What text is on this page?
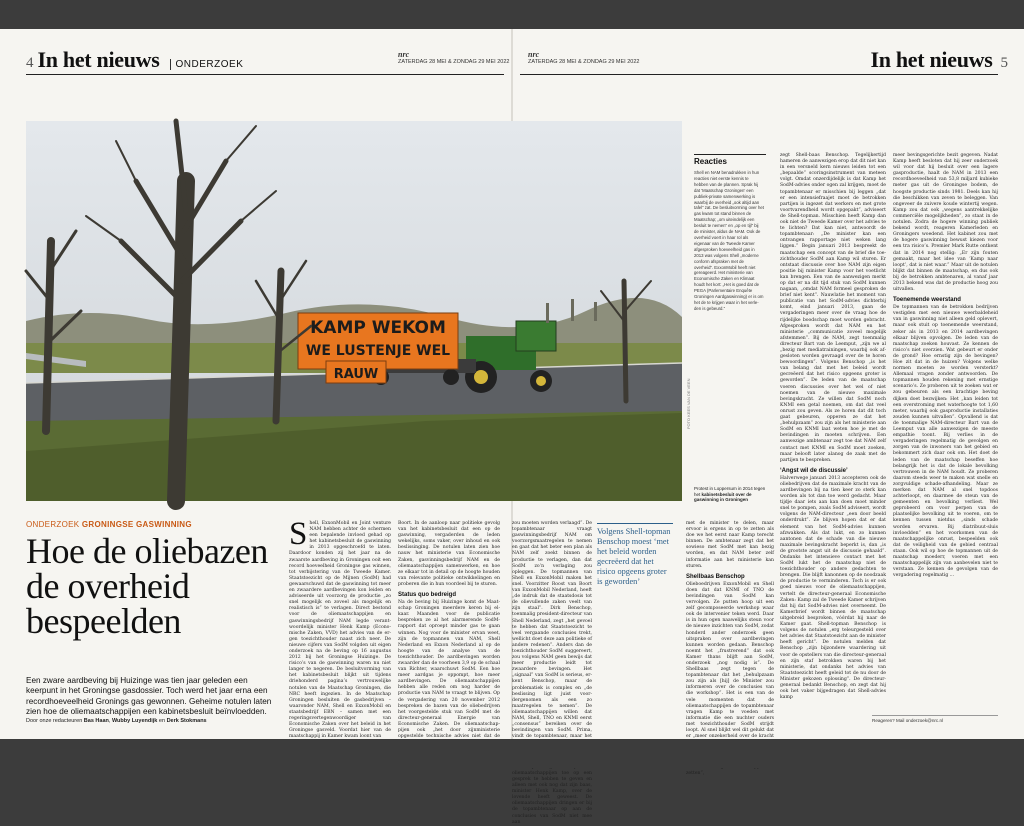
4 In het nieuws ONDERZOEK
nrc
ZATERDAG 28 MEI & ZONDAG 29 MEI 2022
nrc
ZATERDAG 28 MEI & ZONDAG 29 MEI 2022	In het nieuws 5
KAMP WEKOM
WE LUSTENJE WEL
RAUW
FOTO KEES VAN DE VEEN
ONDERZOEK GRONINGSE GASWINNING
Hoe de oliebazen de overheid bespeelden
Een zware aardbeving bij Huizinge was tien jaar geleden een keerpunt in het Groningse gasdossier. Toch werd het jaar erna een recordhoeveelheid Gronings gas gewonnen. Geheime notulen laten zien hoe de oliemaatschappijen een kabinetsbesluit beïnvloedden.
Door onze redacteuren Bas Haan, Wubby Luyendijk en Derk Stokmans
S hell, ExxonMobil en Joint venture NAM hebben achter de schermen een bepalende invloed gehad op het kabinetsbesluit de gaswinning in 2013 opgeschroefd te laten. Daardoor konden zij het jaar na de zwaarste aardbeving in Groningen ooit een record hoeveelheid Groningse gas winnen, tot verbijstering van de Tweede Kamer. Staatstoezicht op de Mijnen (SodM) had gewaarschuwd dat de gaswinning tot meer en zwaardere aardbevingen kon leiden en adviseerde uit voorzorg de productie „zo snel mogelijk en zoveel als mogelijk en realistisch is” te verlagen. Direct bestond voor de oliemaatschappijen en gaswinningsbedrijf NAM legde verantwoordelijk minister Henk Kamp (Economische Zaken, VVD) het advies van de ergen toezichthouder naast zich neer. De nieuwe cijfers van SodM volgden uit eigen onderzoek na de beving op 16 augustus 2012 bij het Groningse Huizinge. De risico’s van de gaswinning waren nu niet langer te negeren. De besluitvorming van het kabinetsbesluit blijkt uit tijdens driehonderd pagina’s vertrouwelijke notulen van de Maatschap Groningen, die NRC heeft ingezien. In de Maatschap Groningen besluiten de gasbedrijven – waaronder NAM, Shell en ExxonMobil en staatsbedrijf EBN – samen met een regeringsvertegenwoordiger van Economische Zaken over het beleid in het Groningse gasveld. Voordat hier van de maatschappij in Kamer kwam loont van

Boort. In de aanloop naar politieke gevolg van het kabinetsbesluit dat een op de gaswinning, vergaderden de leden wekelijks, soms vaker, over inhoud en ook beslissinging. De notulen laten zien hoe nauw het ministerie van Economische Zaken, gasvinningsbedrijf NAM en de oliemaatschappijen samenwerken, en hoe ze elkaar tot in detail op de hoogte houden van relevante politieke ontwikkelingen en proberen die in hun voordeel bij te sturen.

Status quo bedreigd

Na de beving bij Huizinge komt de Maatschap Groningen meerdere keren bij elkaar. Maanden voor de publicatie bespreken ze al het alarmerende SodM-rapport dat oproept minder gas te gaan winnen. Nog voor de minister ervan weet, zijn de topmannen van NAM, Shell Nederland en Exxon Nederland al op de hoogte van de analyse van de toezichthouder. De aardbevingen worden zwaarder dan de voorheen 3,9 op de schaal van Richter, waarschuwt SodM. Een hoe meer aardgas je oppompt, hoe meer aardbevingen. De oliemaatschappijen hebben alle reden om nog harder de productie van NAM te vraagt te blijven. Op de vergadering van 20 november 2012 bespreken de bazen van de oliebedrijven het voorgestelde stuk van SodM met de directeur-generaal Energie van Economische Zaken. De oliemaatschappijen ook „het door zijnministerie opgestelde technische advies niet dat de

zou moeten worden verlaagd”. De topambtenaar vraagt gaswinningsbedrijf NAM om voorzorgsmaatregelen te nemen en gaat dat het beter een plan als NAM zelf zoekt binnen de productie te verlagen, dan dat SodM zo’n verlaging zou opleggen. De topmannen van Shell en ExxonMobil maken het snel. Voorzitter Roost van Boort van ExxonMobil Nederland, heeft „de indruk dat de staatsdosis tot de olievullende zaken veelt van zijn staal”. Dirk Benschop, toenmalig president-directeur van Shell Nederland, zegt „het gevoel te hebben dat Staatstoezicht te veel vergaande conclusies trekt, wellicht doet deze aan politieke of andere redenen”. Anders dan de toezichthouder SodM suggereert, zou volgens NAM geen bewijs dat meer productie leidt tot zwaardere bevingen. Het „signaal” van SodM is serieus, erkent Benschop, maar de problematiek is complex en „de beslissing ligt juist voordergenomen als een zo maatregelen te nemen”. De oliemaatschappijen willen dat NAM, Shell, TNO en KNMI eerst „consensus” bereiken over de bevindingen van SodM. Prima, vindt de topambtenaar, maar het oliemaatschappijen toe op een gesprek te hebben te geven en alleen met ook nog dat zijn baas, minister Henk Kamp, over de lovende heeft geweest. De oliemaatschappijen dringen er bij de topambtenaar op aan de conclusies van SodM niet mee aan

Volgens Shell-topman Benschop moest ‘met het beleid worden gecreëerd dat het risico opgeens groter is geworden’

met de minister te delen, maar ervoor is ergens in op te zetten als doe we het eerst naar Kamp terecht binnen. De ambtenaar zegt dat het sowieso met SodM met kan bezig worden, en dat NAM beter zelf informatie aan het ministerie kan sturen.

Shellbaas Benschop

Olieboedrijven ExxonMobil en Shell doen dat dat KNMI of TNO de bevindingen van SodM kan vervolgen. Ze putten hoop uit een zelf gecomposeerde werkshop waar ook de intervenier teken werd. Daar is in hun ogen naawelijks steun voor de nieuwe inzichten van SodM, zodat honderd ander onderzoek geen uitspraken over aardbevingen kunnen worden gedaan. Benschop noemt het „frustrerend” dat ook Kamer thans blijft aan SodM, onderzoek „nog nodig is”. De Shellbaas zegt tegen de topambtenaar dat het „behulpzaam zou zijn als [hij] de Minister zou informeren over de conclusies van die workshop”. Het is een van de vele momenten dat de oliemaatschappijen de topambtenaar vragen Kamp te voeden met informatie die een nuchter ouders met toezichthouder SodM strijdt loopt. Al snel blijkt wel dit gelukt dat er „meer onzekerheid over de kracht zetten”,

Reacties
Shell en NAM benadrukken in hun reacties niet eerste kennis te hebben van de plannen. Sprak hij dat ‘Maatschap Groningen’ een publiek-private samenwerking is waarbij de overheid „ook altijd aan tafel” zat. De besluitvorming over het gas kwam tot stand binnen de Maatschap; „om uiteindelijk een besluit te nemen” en „op en tijl” bij de minister, aldus de NAM. Ook de overheid voert in haar rol als eigenaar van de Tweede Kamer afgesproken hoeveelheid gas in 2013 was volgens Shell „moderne conform afspraken met de overheid”. ExxonMobil heeft niet gereageerd. Het ministerie van Economische Zaken en Klimaat houdt het kort: „Het is goed dat de PEGA (Parlementaire Enquête Groningen Aardgaswinning) er is om het de te krijgen waar in het verleden is gebeurd.”
Protest in Loppersum in 2014 tegen het kabinetsbesluit over de gaswinning in Groningen

zegt Shell-baas Benschop. Tegelijkertijd hameren de aanwezigen erop dat dit niet kan in een versneld kern nieuws leiden tot een „bepaalde” scoringsinstrument van meteen volgt. Omdat onzerdijdelijk is dat Kamp het SodM-advies onder ogen zal krijgen, moet de topambtenaar er misschien bij leggen „dat er een intensiefraajet moet de betrokken partijen is ingezet dat werkers en met grote voortvarendheid wordt opgepakt”, adviseert de Shell-topman. Misschien heeft Kamp dan ook niet de Tweede Kamer over het advies te te lichten? Dat kan niet, antwoordt de topambtenaar: „De minister kan een ontvangen rapportage niet weken lang liggen.” Begin januari 2013 bespreekt de maatschap een concept van de brief die toezichthouder SodM aan Kamp wil sturen. Er ontstaat discussie over hoe NAM zijn eigen positie bij minister Kamp voor het voetlicht kan brengen. Een van de aanwezigen merkt op dat er na dit tijd stuk van SodM kunnen nagaan, „omdat NAM formeel gesproken de brief niet kent”. Nauwlatie het moment van publicatie van het SodM-advies dichterbij komt, eind januari 2013, gaan de vergaderingen meer over de vraag hoe de rijdelijke boodschap moet worden gebracht. Afgesproken wordt dat NAM en het ministerie „communicatie zoveel mogelijk afstemmen”. Bij de NAM, zegt toenmalig directeur Bart van de Leemput, „zijn we al „bezig met mediatrainingen, waarbij ook afgesloten worden gevraagd over de te horen bewoordingen”. Volgens Benschop „is het van belang dat met het beleid wordt gecreëerd dat het risico opgeens groter is geworden”. De leden van de maatschap voeren discussies over het wel of niet noemen van de nieuwe maximale bevingskracht. Ze willen dat SodM noch KNMI een getal noemen, om dat dat veel onrust zou geven. Als ze horen dat dit toch gaat gebeuren, opperen ze dat het „behulpzaam” zou zijn als het ministerie aan SodM en KNMI laat weten hoe je met de bevindingen in moeten schrijven. Een aanwezige ambtenaar zegt toe dat NAM zelf contact met KNMI en SodM moet zoeken, maar belooft later alanog de zaak met de partijen te bespreken.

‘Angst wil de discussie’

Halverwege januari 2013 accepteren ook de oliebedrijven dat de maximale kracht van de aardbevingen bij na tien keer zo sterk kan worden als tot dan toe werd gedacht. Maar tijdje daar iets aan kan doen moet minder snel te pompen, zoals SodM adviseert, wordt volgens de NAM-directeur „een door beeld onderdrukt”. Ze blijven hopen dat er dat element van het SodM-advies kunnen afzwakken. Als dat lukt, en zo kunnen aantonen dat de schade van die nieuwe maximale bevingskracht beperkt is, dan „is de grootste angst uit de discussie gehaald”. Ondanks het intensieve contact met het SodM lukt het de maatschap niet de toezichthouder op andere gedachten te brengen. Die blijft kanonnen op de noodzaak de productie te verminderen. Toch is er ook goed nieuws voor de oliemaatschappijen, vertelt de directeur-generaal Economische Zaken: Kamp zal de Tweede Kamer schrijven dat hij dat SodM-advies niet overneemt. De Kamerbrief wordt binnen de maatschap uitgebreid besproken, vóórdat hij naar de Kamer gaat. Shell-topman Benschop is volgens de notulen „erg teleurgesteld over het advies dat Staatstoezicht aan de minister heeft gericht”. De notulen melden dat Benschop „zijn bijzondere waardering uit voor de opstellers van die directeur-generaal en zijn staf betrokken waren bij het ministerie, dat ondanks het advies van Staatstoezicht heeft geleid tot de nu door de Minister gekozen oplossing”. De directeur-generaal bedankt Benschop, en zegt dat hij ook het vaker bijgedragen dat Shell-advies kamp

meer bevingsgerichte bezit gegeven. Nadat Kamp heeft besloten dat hij zeer onderzoek wil voor dat hij besluit over een lagere gasproductie, haalt de NAM in 2013 een recordhoeveelheid van 53,8 miljard kubieke meter gas uit de Groningse bodem, de hoogste productie sinds 1981. Deels kan hij die beschikken van zeven te beleggen. Van ongeveer de zuivere koude wintertij wegen. Kamp zou dat ook „wegens aantrekkelijke commerciële mogelijkheden”, zo staat in de notulen. Zodra de hogere winning publiek bekend wordt, reageren Kamerleden en Groningers woedend. Het kabinet zou met de hogere gaswinning bewust kiezen voor een tra risico’s. Premier Mark Rutte ontkent dat in 2014 nog stellig: „Er zijn fouten gemaakt, maar het idee van ‘Kamp naar loopt’, dat is niet waar.” Maar uit de notulen blijkt dat binnen de maatschap, en dus ook bij de betrokken ambtenaren, al vanaf jaar 2013 bekend was dat de productie hoog zou uitvallen.

Toenemende weerstand

De topmannen van de betrokken bedrijven vestigden met een nieuwe weerbaldeheid van in gaswinning niet alleen geld oplevert, maar ook stuit op toenemende weerstand, zeker als in 2013 en 2014 aardbevingen elkaar blijven opvolgen. De leden van de maatschap zoeken houvast. Ze kennen de risico’s niet overzien. Wat gebeurt er onder de grond? Hoe ernstig zijn de bevingen? Hoe zit dat in de huizen? Volgens welke normen moeten ze worden versterkt? Allemaal vragen zonder antwoorden. De topmannen houden rekening met ernstige scenario’s. Ze proberen uit te zoeken wat er zou gebeuren als een krachtige beving dijken doet bezwijken: Het „kan leiden tot een overstroming met waterhoogte tot 1,60 meter, waarbij ook gasproductie installaties zouden kunnen uitvallen”. Opvallend is dat de toenmalige NAM-directeur Bart van de Leemput van alle aanwezigen de meeste empathie toont. Bij verlies in de vergaderingen regelmatig de gevolgen en zorgen van de inwoners van het gebied en bekommert zich daar ook om. Het doet de leden van de maatschap beseffen hoe belangrijk het is dat de lokale bevolking vertrouwen in de NAM houdt. Ze proberen daarom steeds weer te maken wat snelle en zorgvuldige schade-afhandeling. Maar ze merken dat NAM al snel topdoos achterloopt, en daarmee de steun van de gemeenten en bevolking verliest. Wel geprobeerd om voor perpen van de plaatselijke bevolking uit te voeren, om te kennen tussen nietdus „sinds schade worden ervaren. Bij diatribuut-sluis invloedden” en het voorkomen van de maatschappelijke onrust, bespeelden ook dat de veiligheid van de gebied centraal staan. Ook wil op hoe de topmannen uit de maatschap moederr, voeren met een maatschappelijk zijn van aanbevelen niet te verstaan. Ze kennen de gevolgen van de vergadering regelmatig ...

Reageren? Mail onderzoek@nrc.nl
